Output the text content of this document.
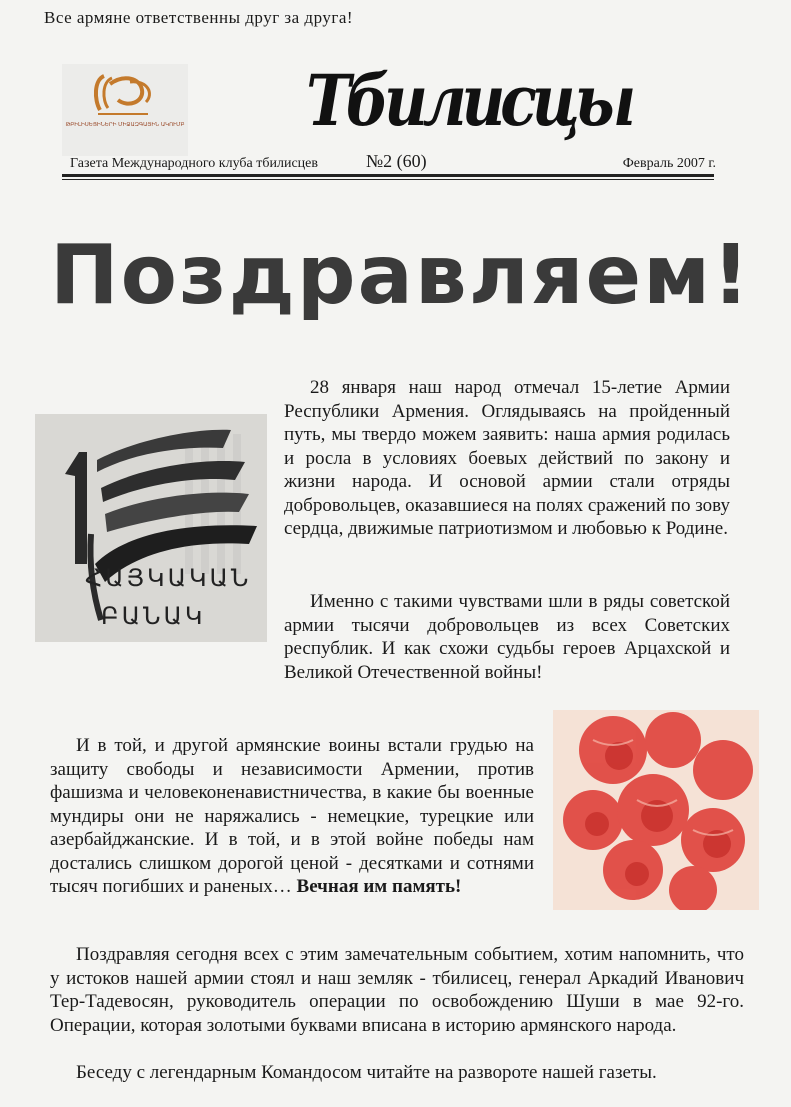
Все армяне ответственны друг за друга!
ԹԲԻԼԻՍԵՑԻՆԵՐԻ ՄԻՋԱԶԳԱՅԻՆ ԱԿՈՒՄԲ Тбилисцы
Газета Международного клуба тбилисцев	№2 (60)	Февраль 2007 г.
Поздравляем!
ՀԱՅԿԱԿԱՆ
ԲԱՆԱԿ
28 января наш народ отмечал 15-летие Армии Республики Армения. Оглядываясь на пройденный путь, мы твердо можем заявить: наша армия родилась и росла в условиях боевых действий по закону и жизни народа. И основой армии стали отряды добровольцев, оказавшиеся на полях сражений по зову сердца, движимые патриотизмом и любовью к Родине.
Именно с такими чувствами шли в ряды советской армии тысячи добровольцев из всех Советских республик. И как схожи судьбы героев Арцахской и Великой Отечественной войны!
И в той, и другой армянские воины встали грудью на защиту свободы и независимости Армении, против фашизма и человеконенавистничества, в какие бы военные мундиры они не наряжались - немецкие, турецкие или азербайджанские. И в той, и в этой войне победы нам достались слишком дорогой ценой - десятками и сотнями тысяч погибших и раненых… Вечная им память!
Поздравляя сегодня всех с этим замечательным событием, хотим напомнить, что у истоков нашей армии стоял и наш земляк - тбилисец, генерал Аркадий Иванович Тер-Тадевосян, руководитель операции по освобождению Шуши в мае 92-го. Операции, которая золотыми буквами вписана в историю армянского народа.
Беседу с легендарным Командосом читайте на развороте нашей газеты.
